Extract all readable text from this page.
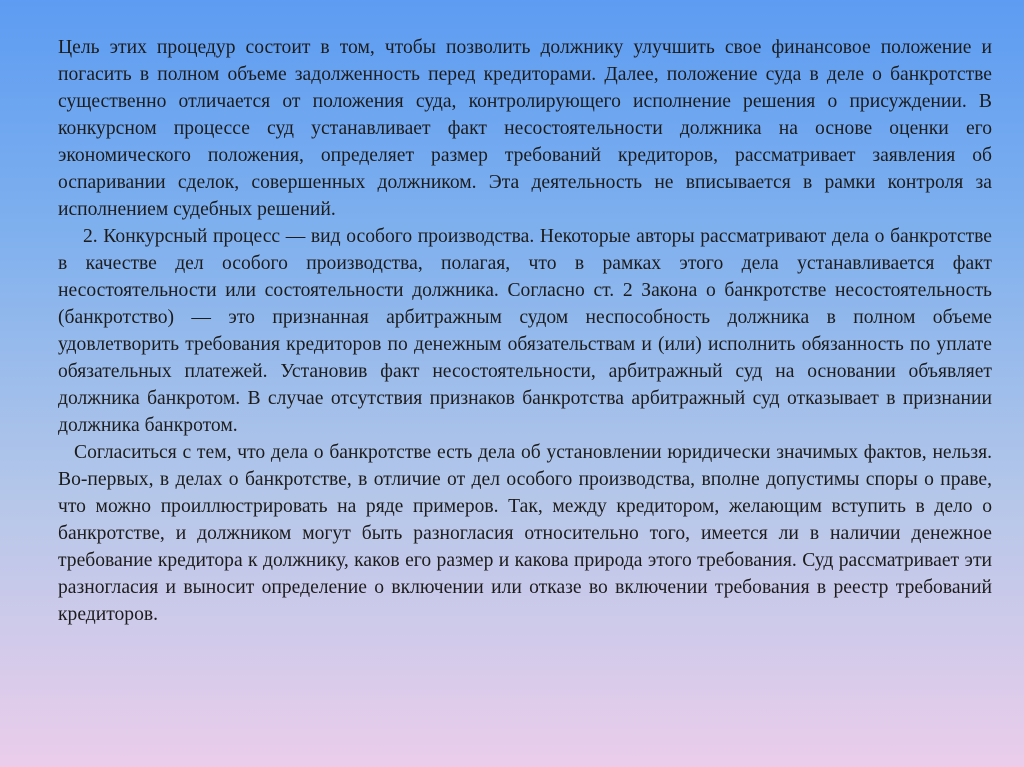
Цель этих процедур состоит в том, чтобы позволить должнику улучшить свое финансовое положение и погасить в полном объеме задолженность перед кредиторами. Далее, положение суда в деле о банкротстве существенно отличается от положения суда, контролирующего исполнение решения о присуждении. В конкурсном процессе суд устанавливает факт несостоятельности должника на основе оценки его экономического положения, определяет размер требований кредиторов, рассматривает заявления об оспаривании сделок, совершенных должником. Эта деятельность не вписывается в рамки контроля за исполнением судебных решений.

2. Конкурсный процесс — вид особого производства. Некоторые авторы рассматривают дела о банкротстве в качестве дел особого производства, полагая, что в рамках этого дела устанавливается факт несостоятельности или состоятельности должника. Согласно ст. 2 Закона о банкротстве несостоятельность (банкротство) — это признанная арбитражным судом неспособность должника в полном объеме удовлетворить требования кредиторов по денежным обязательствам и (или) исполнить обязанность по уплате обязательных платежей. Установив факт несостоятельности, арбитражный суд на основании объявляет должника банкротом. В случае отсутствия признаков банкротства арбитражный суд отказывает в признании должника банкротом.

Согласиться с тем, что дела о банкротстве есть дела об установлении юридически значимых фактов, нельзя. Во-первых, в делах о банкротстве, в отличие от дел особого производства, вполне допустимы споры о праве, что можно проиллюстрировать на ряде примеров. Так, между кредитором, желающим вступить в дело о банкротстве, и должником могут быть разногласия относительно того, имеется ли в наличии денежное требование кредитора к должнику, каков его размер и какова природа этого требования. Суд рассматривает эти разногласия и выносит определение о включении или отказе во включении требования в реестр требований кредиторов.
